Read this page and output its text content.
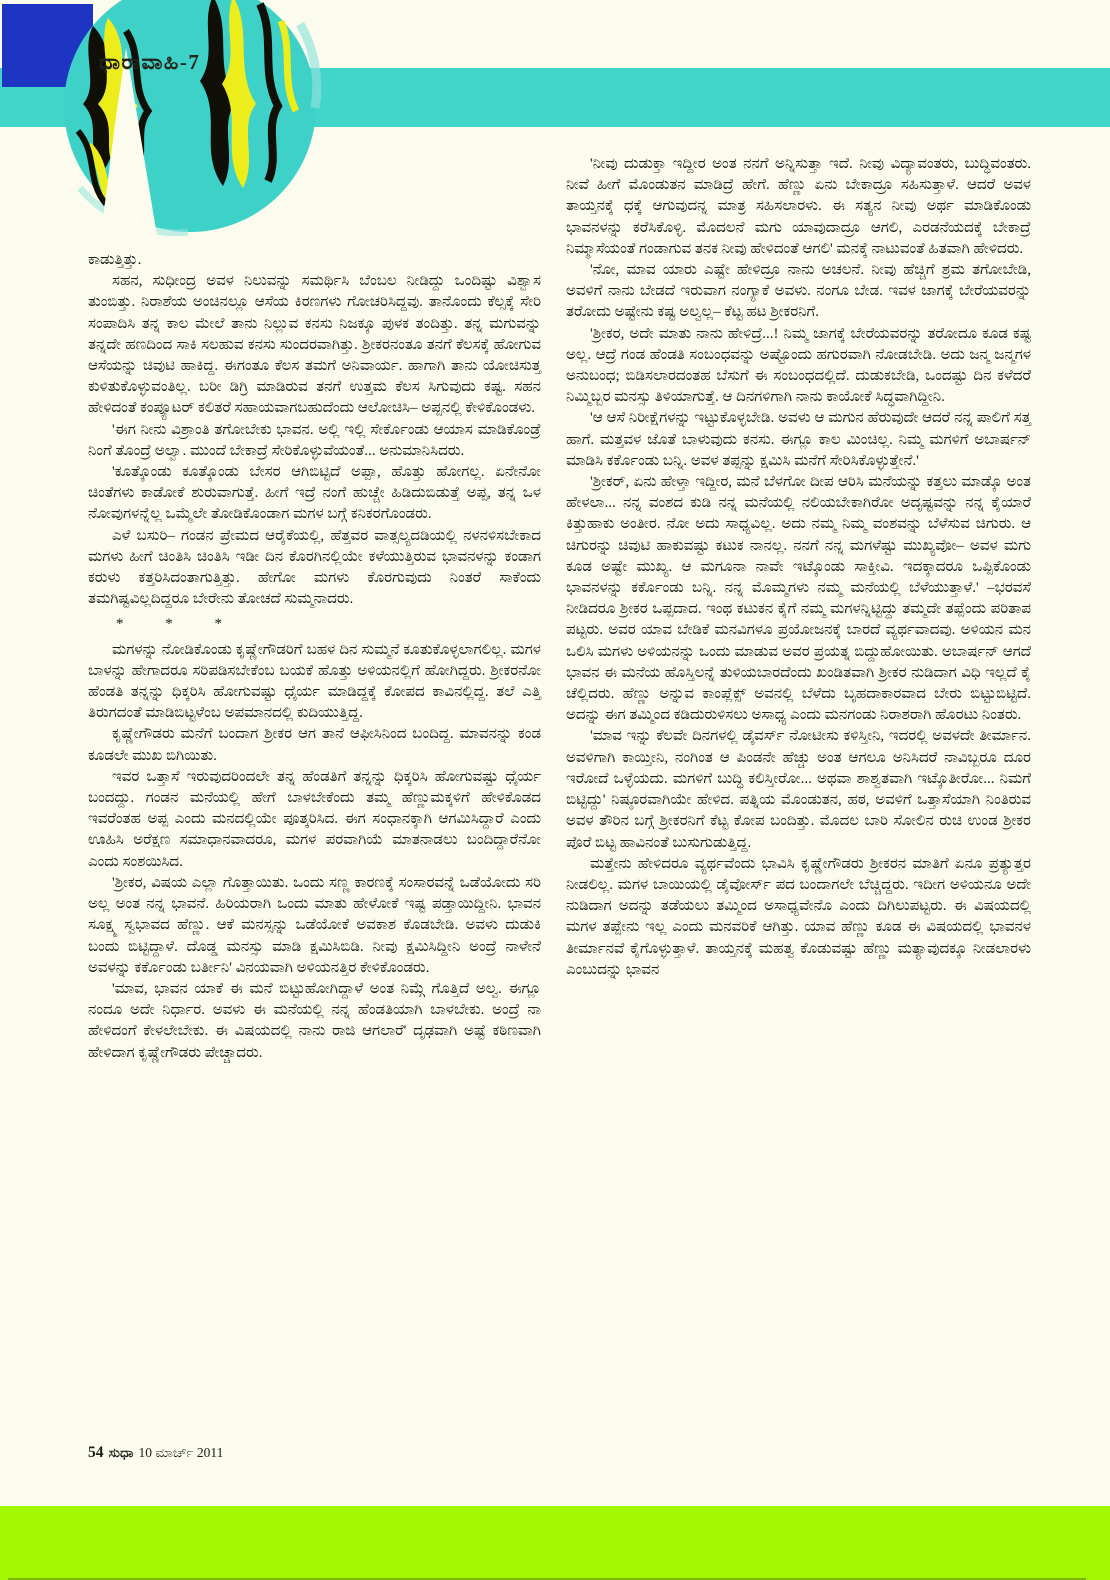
ಧಾರಾವಾಹಿ-7

ಕಾಡುತ್ತಿತ್ತು.

ಸಹನ, ಸುಧೀಂದ್ರ ಅವಳ ನಿಲುವನ್ನು ಸಮರ್ಥಿಸಿ ಬೆಂಬಲ ನೀಡಿದ್ದು ಒಂದಿಷ್ಟು ವಿಶ್ವಾಸ ತುಂಬಿತ್ತು. ನಿರಾಶೆಯ ಅಂಚಿನಲ್ಲೂ ಆಸೆಯ ಕಿರಣಗಳು ಗೋಚರಿಸಿದ್ದವು. ತಾನೊಂದು ಕೆಲ್ಸಕ್ಕೆ ಸೇರಿ ಸಂಪಾದಿಸಿ ತನ್ನ ಕಾಲ ಮೇಲೆ ತಾನು ನಿಲ್ಲುವ ಕನಸು ನಿಜಕ್ಕೂ ಪುಳಕ ತಂದಿತ್ತು. ತನ್ನ ಮಗುವನ್ನು ತನ್ನದೇ ಹಣದಿಂದ ಸಾಕಿ ಸಲಹುವ ಕನಸು ಸುಂದರವಾಗಿತ್ತು. ಶ್ರೀಕರನಂತೂ ತನಗೆ ಕೆಲಸಕ್ಕೆ ಹೋಗುವ ಆಸೆಯನ್ನು ಚಿವುಟಿ ಹಾಕಿದ್ದ. ಈಗಂತೂ ಕೆಲಸ ತಮಗೆ ಅನಿವಾರ್ಯ. ಹಾಗಾಗಿ ತಾನು ಯೋಚಿಸುತ್ತ ಕುಳಿತುಕೊಳ್ಳುವಂತಿಲ್ಲ. ಬರೀ ಡಿಗ್ರಿ ಮಾಡಿರುವ ತನಗೆ ಉತ್ತಮ ಕೆಲಸ ಸಿಗುವುದು ಕಷ್ಟ. ಸಹನ ಹೇಳಿದಂತೆ ಕಂಪ್ಯೂಟರ್ ಕಲಿತರೆ ಸಹಾಯವಾಗಬಹುದೆಂದು ಆಲೋಚಿಸಿ– ಅಪ್ಪನಲ್ಲಿ ಕೇಳಿಕೊಂಡಳು.

'ಈಗ ನೀನು ವಿಶ್ರಾಂತಿ ತಗೋಬೇಕು ಭಾವನ. ಅಲ್ಲಿ ಇಲ್ಲಿ ಸೇರ್ಕೊಂಡು ಆಯಾಸ ಮಾಡಿಕೊಂಡ್ರೆ ನಿಂಗೆ ತೊಂದ್ರೆ ಅಲ್ವಾ. ಮುಂದೆ ಬೇಕಾದ್ರೆ ಸೇರಿಕೊಳ್ಳುವೆಯಂತೆ... ಅನುಮಾನಿಸಿದರು.

'ಕೂತ್ಕೊಂಡು ಕೂತ್ಕೊಂಡು ಬೇಸರ ಆಗಿಬಿಟ್ಟಿದೆ ಅಪ್ಪಾ, ಹೊತ್ತು ಹೋಗಲ್ಲ. ಏನೇನೋ ಚಿಂತೆಗಳು ಕಾಡೋಕೆ ಶುರುವಾಗುತ್ತೆ. ಹೀಗೆ ಇದ್ರೆ ನಂಗೆ ಹುಚ್ಚೇ ಹಿಡಿದುಬಿಡುತ್ತೆ ಅಪ್ಪ, ತನ್ನ ಒಳ ನೋವುಗಳನ್ನೆಲ್ಲ ಒಮ್ಮೆಲೇ ತೋಡಿಕೊಂಡಾಗ ಮಗಳ ಬಗ್ಗೆ ಕನಿಕರಗೊಂಡರು.

ಎಳೆ ಬಸುರಿ– ಗಂಡನ ಪ್ರೇಮದ ಆರೈಕೆಯಲ್ಲಿ, ಹೆತ್ತವರ ವಾತ್ಸಲ್ಯದಡಿಯಲ್ಲಿ ನಳನಳಿಸಬೇಕಾದ ಮಗಳು ಹೀಗೆ ಚಿಂತಿಸಿ ಚಿಂತಿಸಿ ಇಡೀ ದಿನ ಕೊರಗಿನಲ್ಲಿಯೇ ಕಳೆಯುತ್ತಿರುವ ಭಾವನಳನ್ನು ಕಂಡಾಗ ಕರುಳು ಕತ್ತರಿಸಿದಂತಾಗುತ್ತಿತ್ತು. ಹೇಗೋ ಮಗಳು ಕೊರಗುವುದು ನಿಂತರೆ ಸಾಕೆಂದು ತಮಗಿಷ್ಟವಿಲ್ಲದಿದ್ದರೂ ಬೇರೇನು ತೋಚದೆ ಸುಮ್ಮನಾದರು.

* * *

ಮಗಳನ್ನು ನೋಡಿಕೊಂಡು ಕೃಷ್ಣೇಗೌಡರಿಗೆ ಬಹಳ ದಿನ ಸುಮ್ಮನೆ ಕೂತುಕೊಳ್ಳಲಾಗಲಿಲ್ಲ. ಮಗಳ ಬಾಳನ್ನು ಹೇಗಾದರೂ ಸರಿಪಡಿಸಬೇಕೆಂಬ ಬಯಕೆ ಹೊತ್ತು ಅಳಿಯನಲ್ಲಿಗೆ ಹೋಗಿದ್ದರು. ಶ್ರೀಕರನೋ ಹೆಂಡತಿ ತನ್ನನ್ನು ಧಿಕ್ಕರಿಸಿ ಹೋಗುವಷ್ಟು ಧೈರ್ಯ ಮಾಡಿದ್ದಕ್ಕೆ ಕೋಪದ ಕಾವಿನಲ್ಲಿದ್ದ. ತಲೆ ಎತ್ತಿ ತಿರುಗದಂತೆ ಮಾಡಿಬಿಟ್ಟಳೆಂಬ ಅಪಮಾನದಲ್ಲಿ ಕುದಿಯುತ್ತಿದ್ದ.

ಕೃಷ್ಣೇಗೌಡರು ಮನೆಗೆ ಬಂದಾಗ ಶ್ರೀಕರ ಆಗ ತಾನೆ ಆಫೀಸಿನಿಂದ ಬಂದಿದ್ದ. ಮಾವನನ್ನು ಕಂಡ ಕೂಡಲೇ ಮುಖ ಬಿಗಿಯಿತು.

ಇವರ ಒತ್ತಾಸೆ ಇರುವುದರಿಂದಲೇ ತನ್ನ ಹೆಂಡತಿಗೆ ತನ್ನನ್ನು ಧಿಕ್ಕರಿಸಿ ಹೋಗುವಷ್ಟು ಧೈರ್ಯ ಬಂದದ್ದು. ಗಂಡನ ಮನೆಯಲ್ಲಿ ಹೇಗೆ ಬಾಳಬೇಕೆಂದು ತಮ್ಮ ಹೆಣ್ಣುಮಕ್ಕಳಿಗೆ ಹೇಳಿಕೊಡದ ಇವರೆಂತಹ ಅಪ್ಪ ಎಂದು ಮನದಲ್ಲಿಯೇ ಪೂತ್ಕರಿಸಿದ. ಈಗ ಸಂಧಾನಕ್ಕಾಗಿ ಆಗಮಿಸಿದ್ದಾರೆ ಎಂದು ಊಹಿಸಿ ಅರೆಕ್ಷಣ ಸಮಾಧಾನವಾದರೂ, ಮಗಳ ಪರವಾಗಿಯೆ ಮಾತನಾಡಲು ಬಂದಿದ್ದಾರೆನೋ ಎಂದು ಸಂಶಯಿಸಿದ.

'ಶ್ರೀಕರ, ವಿಷಯ ಎಲ್ಲಾ ಗೊತ್ತಾಯಿತು. ಒಂದು ಸಣ್ಣ ಕಾರಣಕ್ಕೆ ಸಂಸಾರವನ್ನೆ ಒಡೆಯೋದು ಸರಿ ಅಲ್ಲ ಅಂತ ನನ್ನ ಭಾವನೆ. ಹಿರಿಯರಾಗಿ ಒಂದು ಮಾತು ಹೇಳೋಕೆ ಇಷ್ಟ ಪಡ್ತಾಯಿದ್ದೀನಿ. ಭಾವನ ಸೂಕ್ಷ್ಮ ಸ್ವಭಾವದ ಹೆಣ್ಣು. ಆಕೆ ಮನಸ್ಸನ್ನು ಒಡೆಯೋಕೆ ಅವಕಾಶ ಕೊಡಬೇಡಿ. ಅವಳು ದುಡುಕಿ ಬಂದು ಬಿಟ್ಟಿದ್ದಾಳೆ. ದೊಡ್ಡ ಮನಸ್ಸು ಮಾಡಿ ಕ್ಷಮಿಸಿಬಿಡಿ. ನೀವು ಕ್ಷಮಿಸಿದ್ದೀನಿ ಅಂದ್ರೆ ನಾಳೇನೆ ಅವಳನ್ನು ಕರ್ಕೊಂಡು ಬರ್ತೀನಿ' ವಿನಯವಾಗಿ ಅಳಿಯನತ್ತಿರ ಕೇಳಿಕೊಂಡರು.

'ಮಾವ, ಭಾವನ ಯಾಕೆ ಈ ಮನೆ ಬಿಟ್ಟುಹೋಗಿದ್ದಾಳೆ ಅಂತ ನಿಮ್ಗೆ ಗೊತ್ತಿದೆ ಅಲ್ವ. ಈಗ್ಲೂ ನಂದೂ ಅದೇ ನಿರ್ಧಾರ. ಅವಳು ಈ ಮನೆಯಲ್ಲಿ ನನ್ನ ಹೆಂಡತಿಯಾಗಿ ಬಾಳಬೇಕು. ಅಂದ್ರೆ ನಾ ಹೇಳಿದಂಗೆ ಕೇಳಲೇಬೇಕು. ಈ ವಿಷಯದಲ್ಲಿ ನಾನು ರಾಜಿ ಆಗಲಾರೆ' ದೃಢವಾಗಿ ಅಷ್ಟೆ ಕಠಿಣವಾಗಿ ಹೇಳಿದಾಗ ಕೃಷ್ಣೇಗೌಡರು ಪೇಚ್ಚಾದರು.

'ನೀವು ದುಡುಕ್ತಾ ಇದ್ದೀರ ಅಂತ ನನಗೆ ಅನ್ನಿಸುತ್ತಾ ಇದೆ. ನೀವು ವಿದ್ಯಾವಂತರು, ಬುದ್ಧಿವಂತರು. ನೀವೆ ಹೀಗೆ ಮೊಂಡುತನ ಮಾಡಿದ್ರೆ ಹೇಗೆ. ಹೆಣ್ಣು ಏನು ಬೇಕಾದ್ರೂ ಸಹಿಸುತ್ತಾಳೆ. ಆದರೆ ಅವಳ ತಾಯ್ತನಕ್ಕೆ ಧಕ್ಕೆ ಆಗುವುದನ್ನ ಮಾತ್ರ ಸಹಿಸಲಾರಳು. ಈ ಸತ್ಯನ ನೀವು ಅರ್ಥ ಮಾಡಿಕೊಂಡು ಭಾವನಳನ್ನು ಕರೆಸಿಕೊಳ್ಳಿ. ಮೊದಲನೆ ಮಗು ಯಾವುದಾದ್ರೂ ಆಗಲಿ, ಎರಡನೆಯದಕ್ಕೆ ಬೇಕಾದ್ರೆ ನಿಮ್ಮಾಸೆಯಂತೆ ಗಂಡಾಗುವ ತನಕ ನೀವು ಹೇಳಿದಂತೆ ಆಗಲಿ' ಮನಕ್ಕೆ ನಾಟುವಂತೆ ಹಿತವಾಗಿ ಹೇಳಿದರು.

'ನೋ, ಮಾವ ಯಾರು ಎಷ್ಟೇ ಹೇಳಿದ್ರೂ ನಾನು ಅಚಲನೆ. ನೀವು ಹೆಚ್ಚಿಗೆ ಶ್ರಮ ತಗೋಬೇಡಿ, ಅವಳಿಗೆ ನಾನು ಬೇಡದೆ ಇರುವಾಗ ನಂಗ್ಯಾಕೆ ಅವಳು. ನಂಗೂ ಬೇಡ. ಇವಳ ಜಾಗಕ್ಕೆ ಬೇರೆಯವರನ್ನು ತರೋದು ಅಷ್ಟೇನು ಕಷ್ಟ ಅಲ್ವಲ್ಲ– ಕೆಟ್ಟ ಹಟ ಶ್ರೀಕರನಿಗೆ.

'ಶ್ರೀಕರ, ಅದೇ ಮಾತು ನಾನು ಹೇಳಿದ್ರೆ...! ನಿಮ್ಮ ಜಾಗಕ್ಕೆ ಬೇರೆಯವರನ್ನು ತರೋದೂ ಕೂಡ ಕಷ್ಟ ಅಲ್ಲ. ಆದ್ರೆ ಗಂಡ ಹೆಂಡತಿ ಸಂಬಂಧವನ್ನು ಅಷ್ಟೊಂದು ಹಗುರವಾಗಿ ನೋಡಬೇಡಿ. ಅದು ಜನ್ಮ ಜನ್ಮಗಳ ಅನುಬಂಧ; ಬಿಡಿಸಲಾರದಂತಹ ಬೆಸುಗೆ ಈ ಸಂಬಂಧದಲ್ಲಿದೆ. ದುಡುಕಬೇಡಿ, ಒಂದಷ್ಟು ದಿನ ಕಳೆದರೆ ನಿಮ್ಮಿಬ್ಬರ ಮನಸ್ಸು ತಿಳಿಯಾಗುತ್ತೆ. ಆ ದಿನಗಳಿಗಾಗಿ ನಾನು ಕಾಯೋಕೆ ಸಿದ್ಧವಾಗಿದ್ದೀನಿ.

'ಆ ಆಸೆ ನಿರೀಕ್ಷೆಗಳನ್ನು ಇಟ್ಟುಕೊಳ್ಳಬೇಡಿ. ಅವಳು ಆ ಮಗುನ ಹೆರುವುದೇ ಆದರೆ ನನ್ನ ಪಾಲಿಗೆ ಸತ್ತ ಹಾಗೆ. ಮತ್ತವಳ ಜೊತೆ ಬಾಳುವುದು ಕನಸು. ಈಗ್ಲೂ ಕಾಲ ಮಿಂಚಿಲ್ಲ. ನಿಮ್ಮ ಮಗಳಿಗೆ ಅಬಾರ್ಷನ್ ಮಾಡಿಸಿ ಕರ್ಕೊಂಡು ಬನ್ನಿ. ಅವಳ ತಪ್ಪನ್ನು ಕ್ಷಮಿಸಿ ಮನೆಗೆ ಸೇರಿಸಿಕೊಳ್ಳುತ್ತೇನೆ.'

'ಶ್ರೀಕರ್, ಏನು ಹೇಳ್ತಾ ಇದ್ದೀರ, ಮನೆ ಬೆಳಗೋ ದೀಪ ಆರಿಸಿ ಮನೆಯನ್ನು ಕತ್ತಲು ಮಾಡ್ಕೊ ಅಂತ ಹೇಳಲಾ... ನನ್ನ ವಂಶದ ಕುಡಿ ನನ್ನ ಮನೆಯಲ್ಲಿ ನಲಿಯಬೇಕಾಗಿರೋ ಅದೃಷ್ಟವನ್ನು ನನ್ನ ಕೈಯಾರೆ ಕಿತ್ತುಹಾಕು ಅಂತೀರ. ನೋ ಅದು ಸಾಧ್ಯವಿಲ್ಲ. ಅದು ನಮ್ಮ ನಿಮ್ಮ ವಂಶವನ್ನು ಬೆಳೆಸುವ ಚಿಗುರು. ಆ ಚಿಗುರನ್ನು ಚಿವುಟಿ ಹಾಕುವಷ್ಟು ಕಟುಕ ನಾನಲ್ಲ. ನನಗೆ ನನ್ನ ಮಗಳೆಷ್ಟು ಮುಖ್ಯವೋ– ಅವಳ ಮಗು ಕೂಡ ಅಷ್ಟೇ ಮುಖ್ಯ. ಆ ಮಗೂನಾ ನಾವೇ ಇಟ್ಕೊಂಡು ಸಾಕ್ತೀವಿ. ಇದಕ್ಕಾದರೂ ಒಪ್ಪಿಕೊಂಡು ಭಾವನಳನ್ನು ಕರ್ಕೊಂಡು ಬನ್ನಿ. ನನ್ನ ಮೊಮ್ಮಗಳು ನಮ್ಮ ಮನೆಯಲ್ಲಿ ಬೆಳೆಯುತ್ತಾಳೆ.' –ಭರವಸೆ ನೀಡಿದರೂ ಶ್ರೀಕರ ಒಪ್ಪದಾದ. ಇಂಥ ಕಟುಕನ ಕೈಗೆ ನಮ್ಮ ಮಗಳನ್ನಿಟ್ಟಿದ್ದು ತಮ್ಮದೇ ತಪ್ಪೆಂದು ಪರಿತಾಪ ಪಟ್ಟರು. ಅವರ ಯಾವ ಬೇಡಿಕೆ ಮನವಿಗಳೂ ಪ್ರಯೋಜನಕ್ಕೆ ಬಾರದೆ ವ್ಯರ್ಥವಾದವು. ಅಳಿಯನ ಮನ ಒಲಿಸಿ ಮಗಳು ಅಳಿಯನನ್ನು ಒಂದು ಮಾಡುವ ಅವರ ಪ್ರಯತ್ನ ಬಿದ್ದುಹೋಯಿತು. ಅಬಾರ್ಷನ್ ಆಗದೆ ಭಾವನ ಈ ಮನೆಯ ಹೊಸ್ತಿಲನ್ನೆ ತುಳಿಯಬಾರದೆಂದು ಖಂಡಿತವಾಗಿ ಶ್ರೀಕರ ನುಡಿದಾಗ ವಿಧಿ ಇಲ್ಲದೆ ಕೈ ಚೆಲ್ಲಿದರು. ಹೆಣ್ಣು ಅನ್ನುವ ಕಾಂಪ್ಲೆಕ್ಸ್ ಅವನಲ್ಲಿ ಬೆಳೆದು ಬೃಹದಾಕಾರವಾದ ಬೇರು ಬಿಟ್ಟುಬಿಟ್ಟಿದೆ. ಅದನ್ನು ಈಗ ತಮ್ಮಿಂದ ಕಡಿದುರುಳಿಸಲು ಅಸಾಧ್ಯ ಎಂದು ಮನಗಂಡು ನಿರಾಶರಾಗಿ ಹೊರಟು ನಿಂತರು.

'ಮಾವ ಇನ್ನು ಕೆಲವೇ ದಿನಗಳಲ್ಲಿ ಡೈವರ್ಸ್ ನೋಟೀಸು ಕಳಿಸ್ತೀನಿ, ಇದರಲ್ಲಿ ಅವಳದೇ ತೀರ್ಮಾನ. ಅವಳಿಗಾಗಿ ಕಾಯ್ತೀನಿ, ನಂಗಿಂತ ಆ ಪಿಂಡನೇ ಹೆಚ್ಚು ಅಂತ ಆಗಲೂ ಅನಿಸಿದರೆ ನಾವಿಬ್ಬರೂ ದೂರ ಇರೋದೆ ಒಳ್ಳೆಯದು. ಮಗಳಿಗೆ ಬುದ್ಧಿ ಕಲಿಸ್ತೀರೋ... ಅಥವಾ ಶಾಶ್ವತವಾಗಿ ಇಟ್ಕೊತೀರೋ... ನಿಮಗೆ ಬಿಟ್ಟಿದ್ದು' ನಿಷ್ಠೂರವಾಗಿಯೇ ಹೇಳಿದ. ಪತ್ನಿಯ ಮೊಂಡುತನ, ಹಠ, ಅವಳಿಗೆ ಒತ್ತಾಸೆಯಾಗಿ ನಿಂತಿರುವ ಅವಳ ತೌರಿನ ಬಗ್ಗೆ ಶ್ರೀಕರನಿಗೆ ಕೆಟ್ಟ ಕೋಪ ಬಂದಿತ್ತು. ಮೊದಲ ಬಾರಿ ಸೋಲಿನ ರುಚಿ ಉಂಡ ಶ್ರೀಕರ ಪೊರೆ ಬಿಟ್ಟ ಹಾವಿನಂತೆ ಬುಸುಗುಡುತ್ತಿದ್ದ.

ಮತ್ತೇನು ಹೇಳಿದರೂ ವ್ಯರ್ಥವೆಂದು ಭಾವಿಸಿ ಕೃಷ್ಣೇಗೌಡರು ಶ್ರೀಕರನ ಮಾತಿಗೆ ಏನೂ ಪ್ರತ್ಯುತ್ತರ ನೀಡಲಿಲ್ಲ. ಮಗಳ ಬಾಯಿಯಲ್ಲಿ ಡೈವೋರ್ಸ್ ಪದ ಬಂದಾಗಲೇ ಬೆಚ್ಚಿದ್ದರು. ಇದೀಗ ಅಳಿಯನೂ ಅದೇ ನುಡಿದಾಗ ಅದನ್ನು ತಡೆಯಲು ತಮ್ಮಿಂದ ಅಸಾಧ್ಯವೇನೊ ಎಂದು ದಿಗಿಲುಪಟ್ಟರು. ಈ ವಿಷಯದಲ್ಲಿ ಮಗಳ ತಪ್ಪೇನು ಇಲ್ಲ ಎಂದು ಮನವರಿಕೆ ಆಗಿತ್ತು. ಯಾವ ಹೆಣ್ಣು ಕೂಡ ಈ ವಿಷಯದಲ್ಲಿ ಭಾವನಳ ತೀರ್ಮಾನವೆ ಕೈಗೊಳ್ಳುತ್ತಾಳೆ. ತಾಯ್ತನಕ್ಕೆ ಮಹತ್ವ ಕೊಡುವಷ್ಟು ಹೆಣ್ಣು ಮತ್ಯಾವುದಕ್ಕೂ ನೀಡಲಾರಳು ಎಂಬುದನ್ನು ಭಾವನ

54 ಸುಧಾ 10 ಮಾರ್ಚ್ 2011
